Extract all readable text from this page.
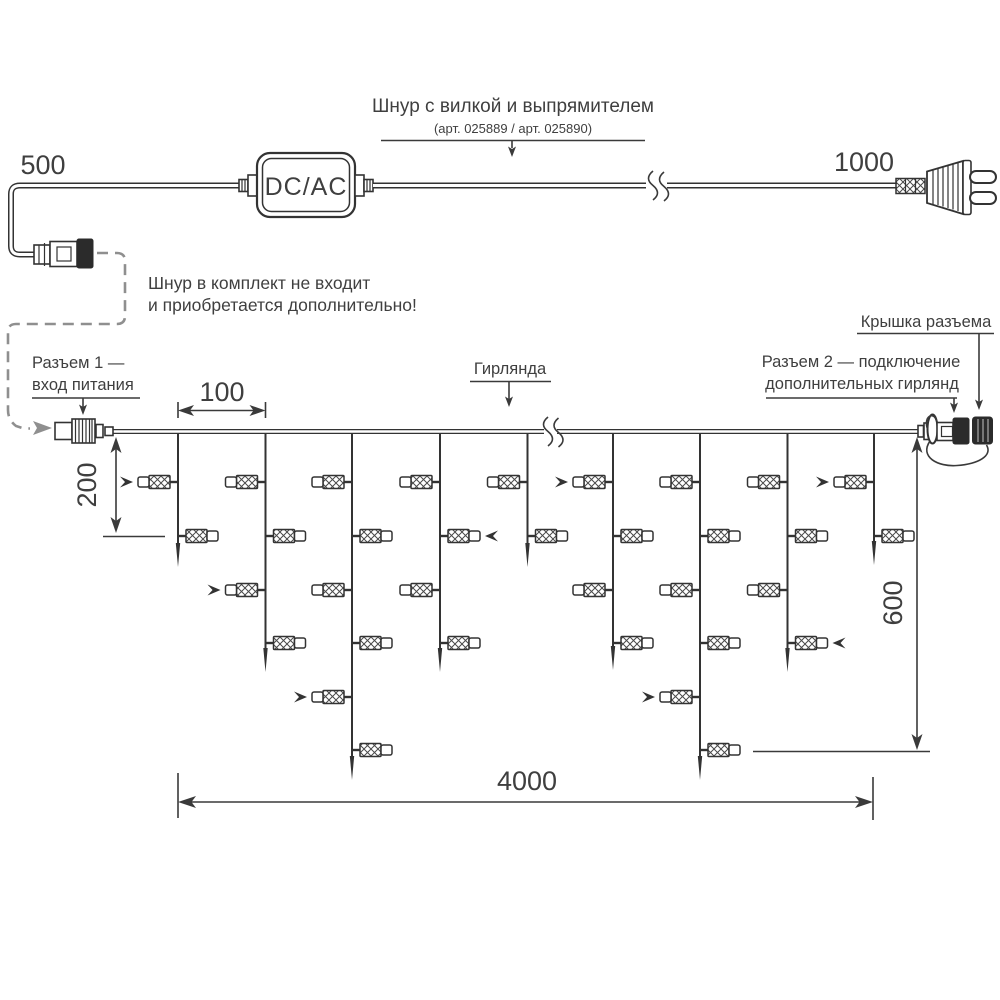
DC/AC
Шнур с вилкой и выпрямителем
(арт. 025889 / арт. 025890)
500	1000
Шнур в комплект не входит
и приобретается дополнительно!
Разъем 1 —
вход питания
Гирлянда
Крышка разъема
Разъем 2 — подключение
дополнительных гирлянд
100
200
600
4000
